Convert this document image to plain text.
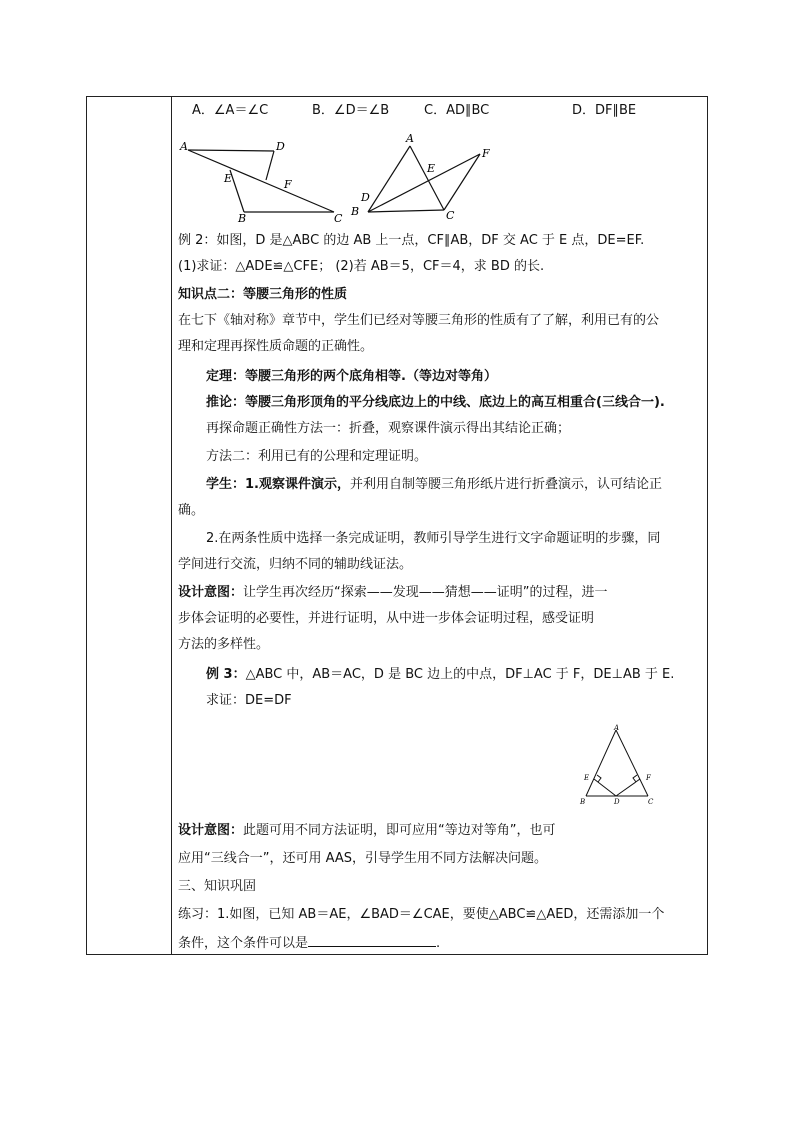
A．∠A＝∠C	B．∠D＝∠B	C．AD∥BC	D．DF∥BE
A	D
E	F
B	C
A
F
E
D
B	C
例 2：如图，D 是△ABC 的边 AB 上一点，CF∥AB，DF 交 AC 于 E 点，DE=EF.
(1)求证：△ADE≌△CFE； (2)若 AB＝5，CF＝4，求 BD 的长.
知识点二：等腰三角形的性质
在七下《轴对称》章节中，学生们已经对等腰三角形的性质有了了解，利用已有的公
理和定理再探性质命题的正确性。
定理：等腰三角形的两个底角相等.（等边对等角）
推论：等腰三角形顶角的平分线底边上的中线、底边上的高互相重合(三线合一).
再探命题正确性方法一：折叠，观察课件演示得出其结论正确；
方法二：利用已有的公理和定理证明。
学生：1.观察课件演示，并利用自制等腰三角形纸片进行折叠演示，认可结论正
确。
2.在两条性质中选择一条完成证明，教师引导学生进行文字命题证明的步骤，同
学间进行交流，归纳不同的辅助线证法。
设计意图：让学生再次经历“探索——发现——猜想——证明”的过程，进一
步体会证明的必要性，并进行证明，从中进一步体会证明过程，感受证明
方法的多样性。
例 3：△ABC 中，AB＝AC，D 是 BC 边上的中点，DF⊥AC 于 F，DE⊥AB 于 E.
求证：DE=DF
A
E	F
B	D	C
设计意图：此题可用不同方法证明，即可应用“等边对等角”，也可
应用“三线合一”，还可用 AAS，引导学生用不同方法解决问题。
三、知识巩固
练习：1.如图，已知 AB＝AE，∠BAD＝∠CAE，要使△ABC≌△AED，还需添加一个
条件，这个条件可以是	.
